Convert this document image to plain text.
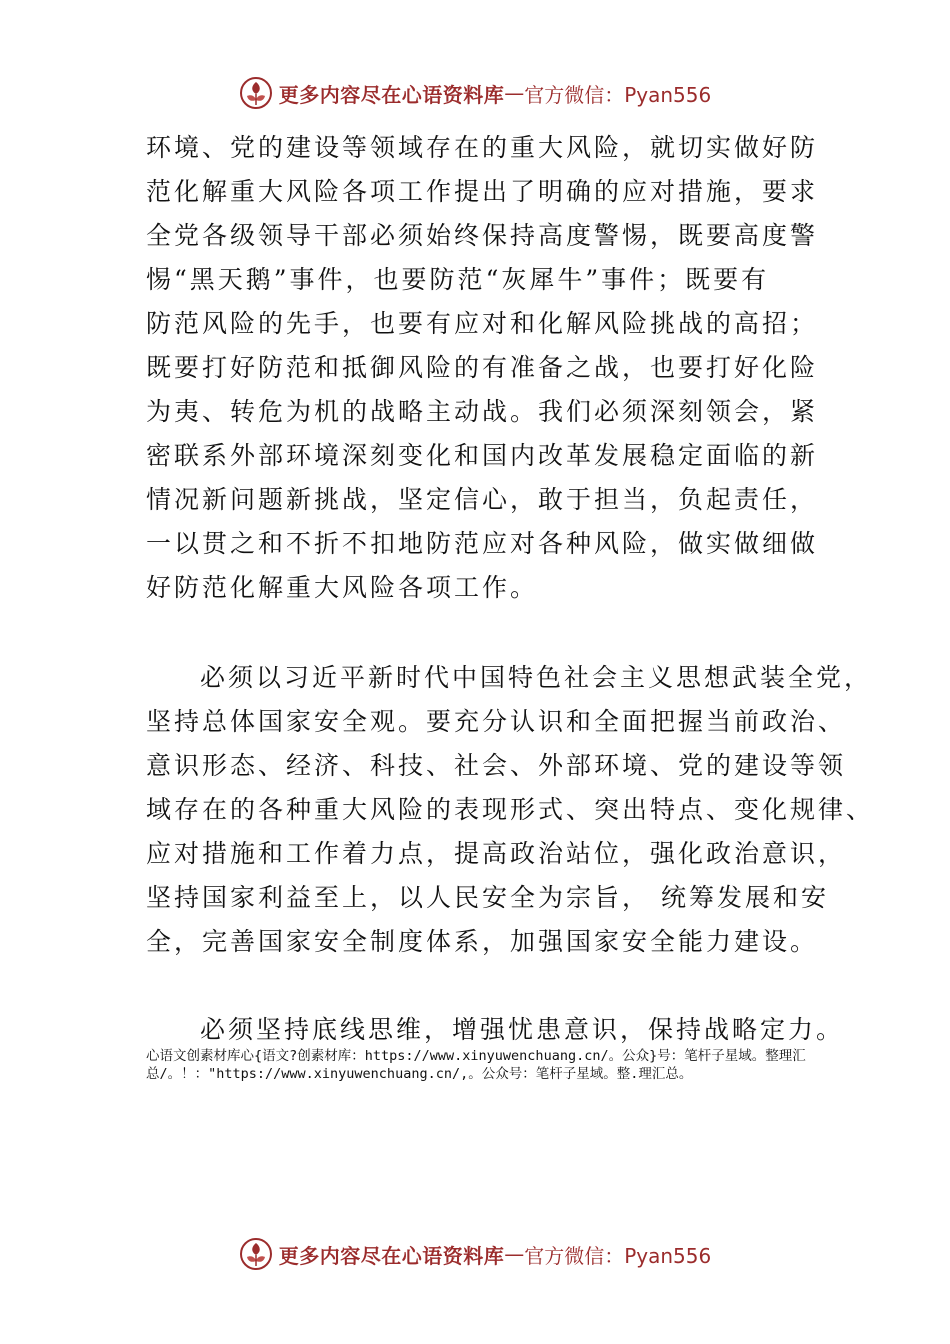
更多内容尽在心语资料库 — 官方微信：Pyan556
环境、党的建设等领域存在的重大风险，就切实做好防
范化解重大风险各项工作提出了明确的应对措施，要求
全党各级领导干部必须始终保持高度警惕，既要高度警
惕“黑天鹅”事件，也要防范“灰犀牛”事件；既要有
防范风险的先手，也要有应对和化解风险挑战的高招；
既要打好防范和抵御风险的有准备之战，也要打好化险
为夷、转危为机的战略主动战。我们必须深刻领会，紧
密联系外部环境深刻变化和国内改革发展稳定面临的新
情况新问题新挑战，坚定信心，敢于担当，负起责任，
一以贯之和不折不扣地防范应对各种风险，做实做细做
好防范化解重大风险各项工作。
必须以习近平新时代中国特色社会主义思想武装全党，
坚持总体国家安全观。要充分认识和全面把握当前政治、
意识形态、经济、科技、社会、外部环境、党的建设等领
域存在的各种重大风险的表现形式、突出特点、变化规律、
应对措施和工作着力点，提高政治站位，强化政治意识，
坚持国家利益至上，以人民安全为宗旨， 统筹发展和安
全，完善国家安全制度体系，加强国家安全能力建设。
必须坚持底线思维，增强忧患意识，保持战略定力。
心语文创素材库心{语文?创素材库：https://www.xinyuwenchuang.cn/。公众}号：笔杆子星域。整理汇总/。！："https://www.xinyuwenchuang.cn/,。公众号：笔杆子星域。整.理汇总。
更多内容尽在心语资料库 — 官方微信：Pyan556
